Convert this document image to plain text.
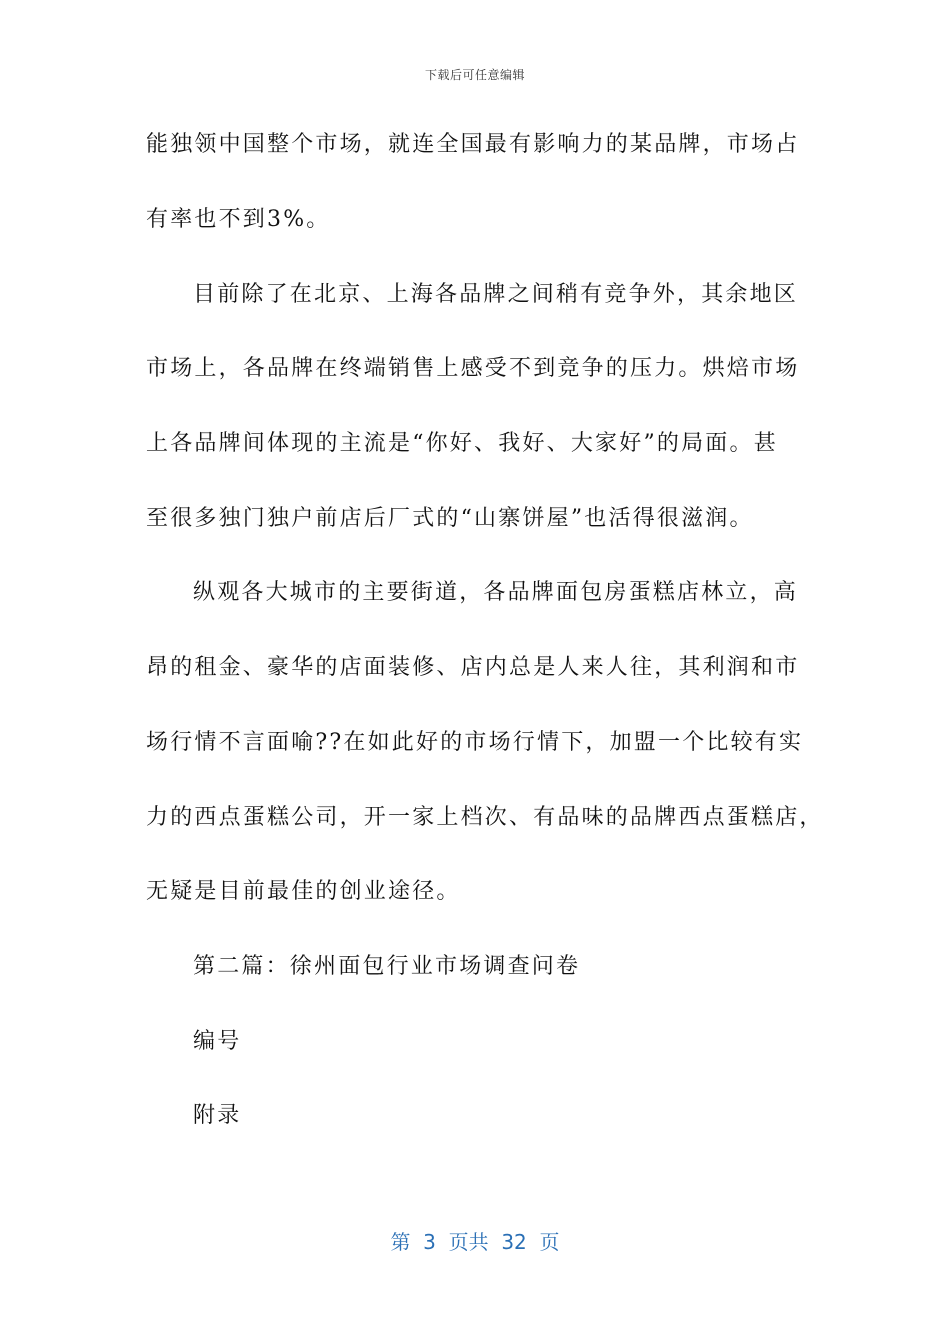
下载后可任意编辑
能独领中国整个市场，就连全国最有影响力的某品牌，市场占
有率也不到3%。
目前除了在北京、上海各品牌之间稍有竞争外，其余地区
市场上，各品牌在终端销售上感受不到竞争的压力。烘焙市场
上各品牌间体现的主流是“你好、我好、大家好”的局面。甚
至很多独门独户前店后厂式的“山寨饼屋”也活得很滋润。
纵观各大城市的主要街道，各品牌面包房蛋糕店林立，高
昂的租金、豪华的店面装修、店内总是人来人往，其利润和市
场行情不言面喻??在如此好的市场行情下，加盟一个比较有实
力的西点蛋糕公司，开一家上档次、有品味的品牌西点蛋糕店，
无疑是目前最佳的创业途径。
第二篇：徐州面包行业市场调查问卷
编号
附录
第  3  页共  32  页
